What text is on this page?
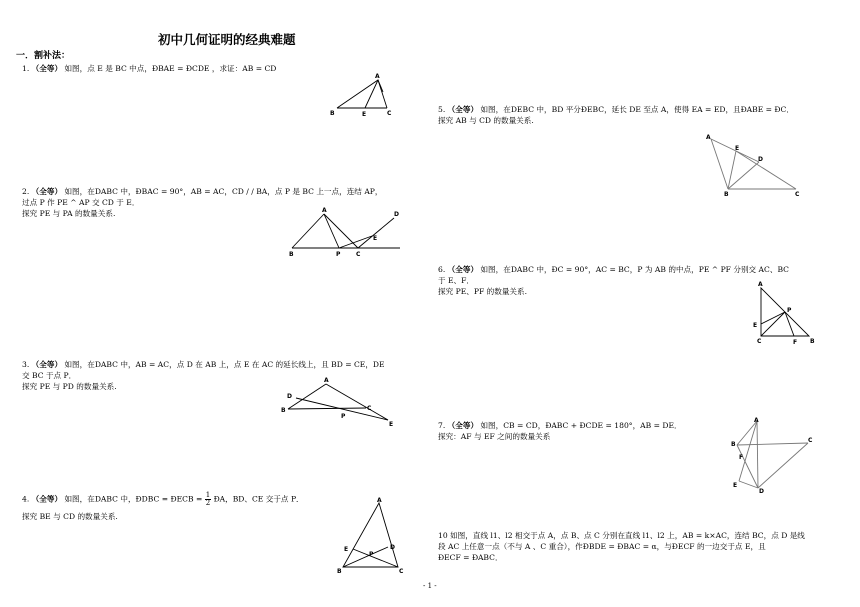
初中几何证明的经典难题
一．割补法：
1. （全等） 如图，点 E 是 BC 中点，ÐBAE = ÐCDE ，求证：AB = CD
A
B	E	C
2. （全等） 如图，在DABC 中，ÐBAC = 90°，AB = AC，CD / / BA，点 P 是 BC 上一点，连结 AP，
过点 P 作 PE ^ AP 交 CD 于 E．
探究 PE 与 PA 的数量关系.	A
D
E
B	P	C
3. （全等） 如图，在DABC 中，AB = AC，点 D 在 AB 上，点 E 在 AC 的延长线上，且 BD = CE，DE
交 BC 于点 P．
探究 PE 与 PD 的数量关系.
A
D
B
P
C
E
4. （全等） 如图，在DABC 中，ÐDBC = ÐECB = $\frac{1}{2}$ ÐA，BD、CE 交于点 P．
探究 BE 与 CD 的数量关系.
A
E	D
P
B	C
5. （全等） 如图，在DEBC 中，BD 平分ÐEBC，延长 DE 至点 A，使得 EA = ED，且ÐABE = ÐC．
探究 AB 与 CD 的数量关系.
A
E
D
B	C
6. （全等） 如图，在DABC 中，ÐC = 90°，AC = BC，P 为 AB 的中点，PE ^ PF 分别交 AC、BC
于 E、F．
探究 PE、PF 的数量关系.
A
P
E
C	F B
7. （全等） 如图，CB = CD，ÐABC + ÐCDE = 180°，AB = DE．
探究：AF 与 EF 之间的数量关系
A
B
C
F
E
D
10 如图，直线 l1、l2 相交于点 A，点 B、点 C 分别在直线 l1、l2 上，AB = k×AC，连结 BC，点 D 是线
段 AC 上任意一点（不与 A 、C 重合），作ÐBDE = ÐBAC = α，与ÐECF 的一边交于点 E，且
ÐECF = ÐABC．
- 1 -
